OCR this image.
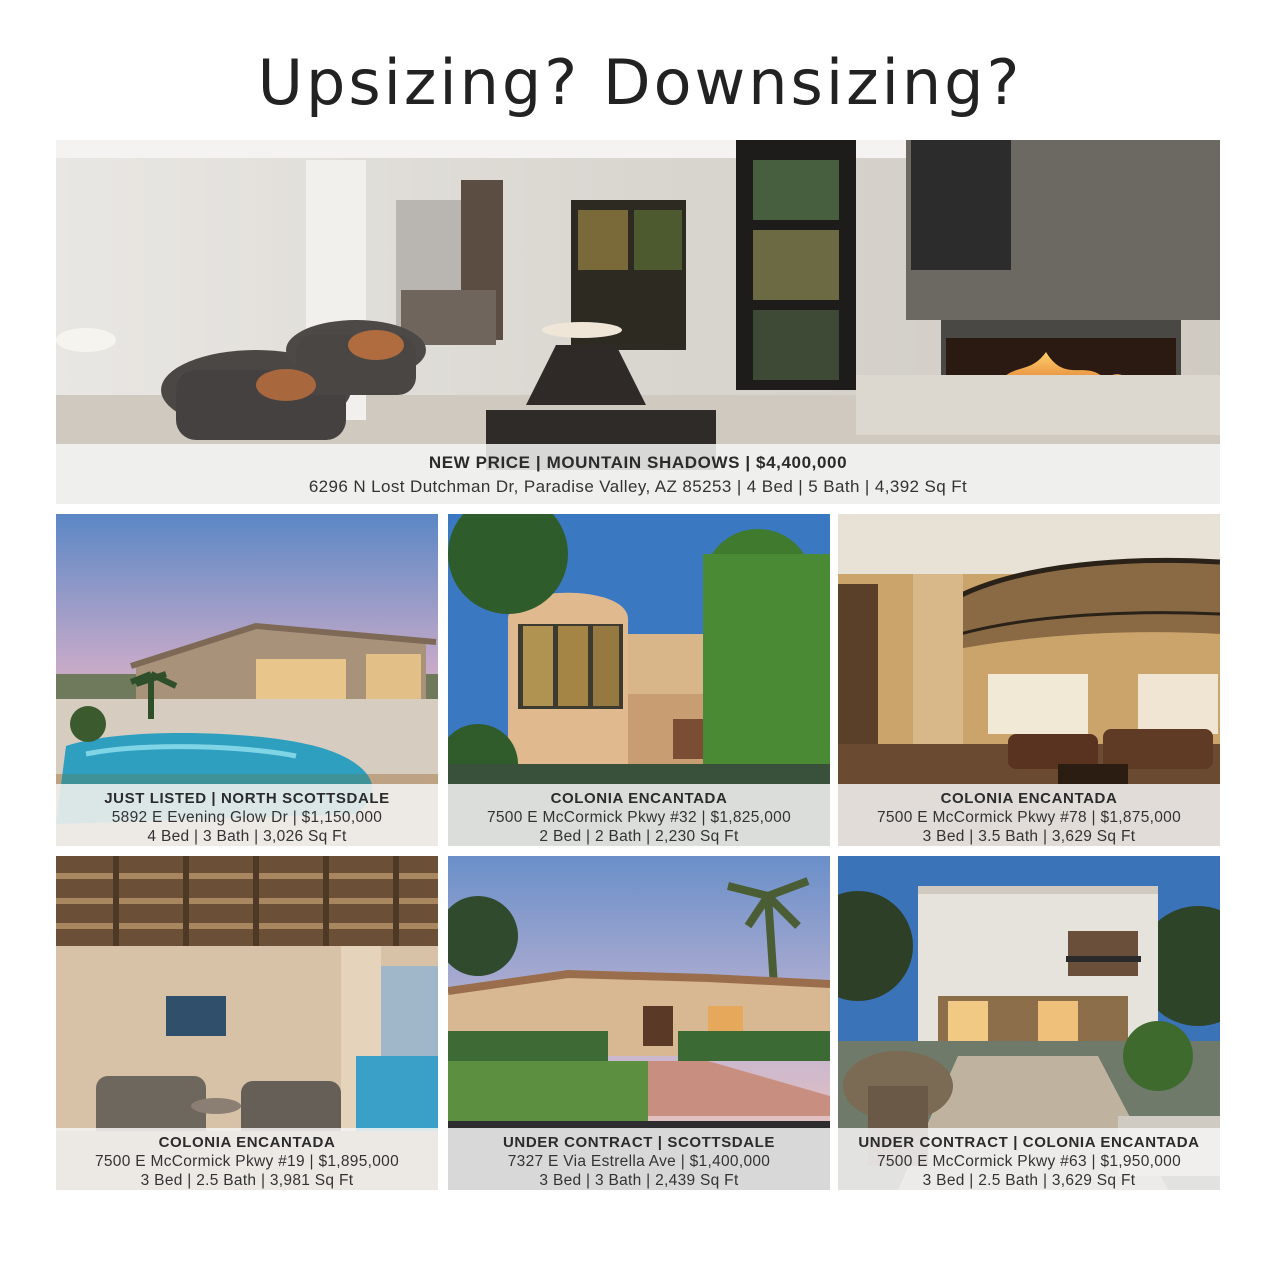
Upsizing? Downsizing?
NEW PRICE | MOUNTAIN SHADOWS | $4,400,000
6296 N Lost Dutchman Dr, Paradise Valley, AZ 85253 | 4 Bed | 5 Bath | 4,392 Sq Ft
JUST LISTED | NORTH SCOTTSDALE
5892 E Evening Glow Dr | $1,150,000
4 Bed | 3 Bath | 3,026 Sq Ft
COLONIA ENCANTADA
7500 E McCormick Pkwy #32 | $1,825,000
2 Bed | 2 Bath | 2,230 Sq Ft
COLONIA ENCANTADA
7500 E McCormick Pkwy #78 | $1,875,000
3 Bed | 3.5 Bath | 3,629 Sq Ft
COLONIA ENCANTADA
7500 E McCormick Pkwy #19 | $1,895,000
3 Bed | 2.5 Bath | 3,981 Sq Ft
UNDER CONTRACT | SCOTTSDALE
7327 E Via Estrella Ave | $1,400,000
3 Bed | 3 Bath | 2,439 Sq Ft
UNDER CONTRACT | COLONIA ENCANTADA
7500 E McCormick Pkwy #63 | $1,950,000
3 Bed | 2.5 Bath | 3,629 Sq Ft
